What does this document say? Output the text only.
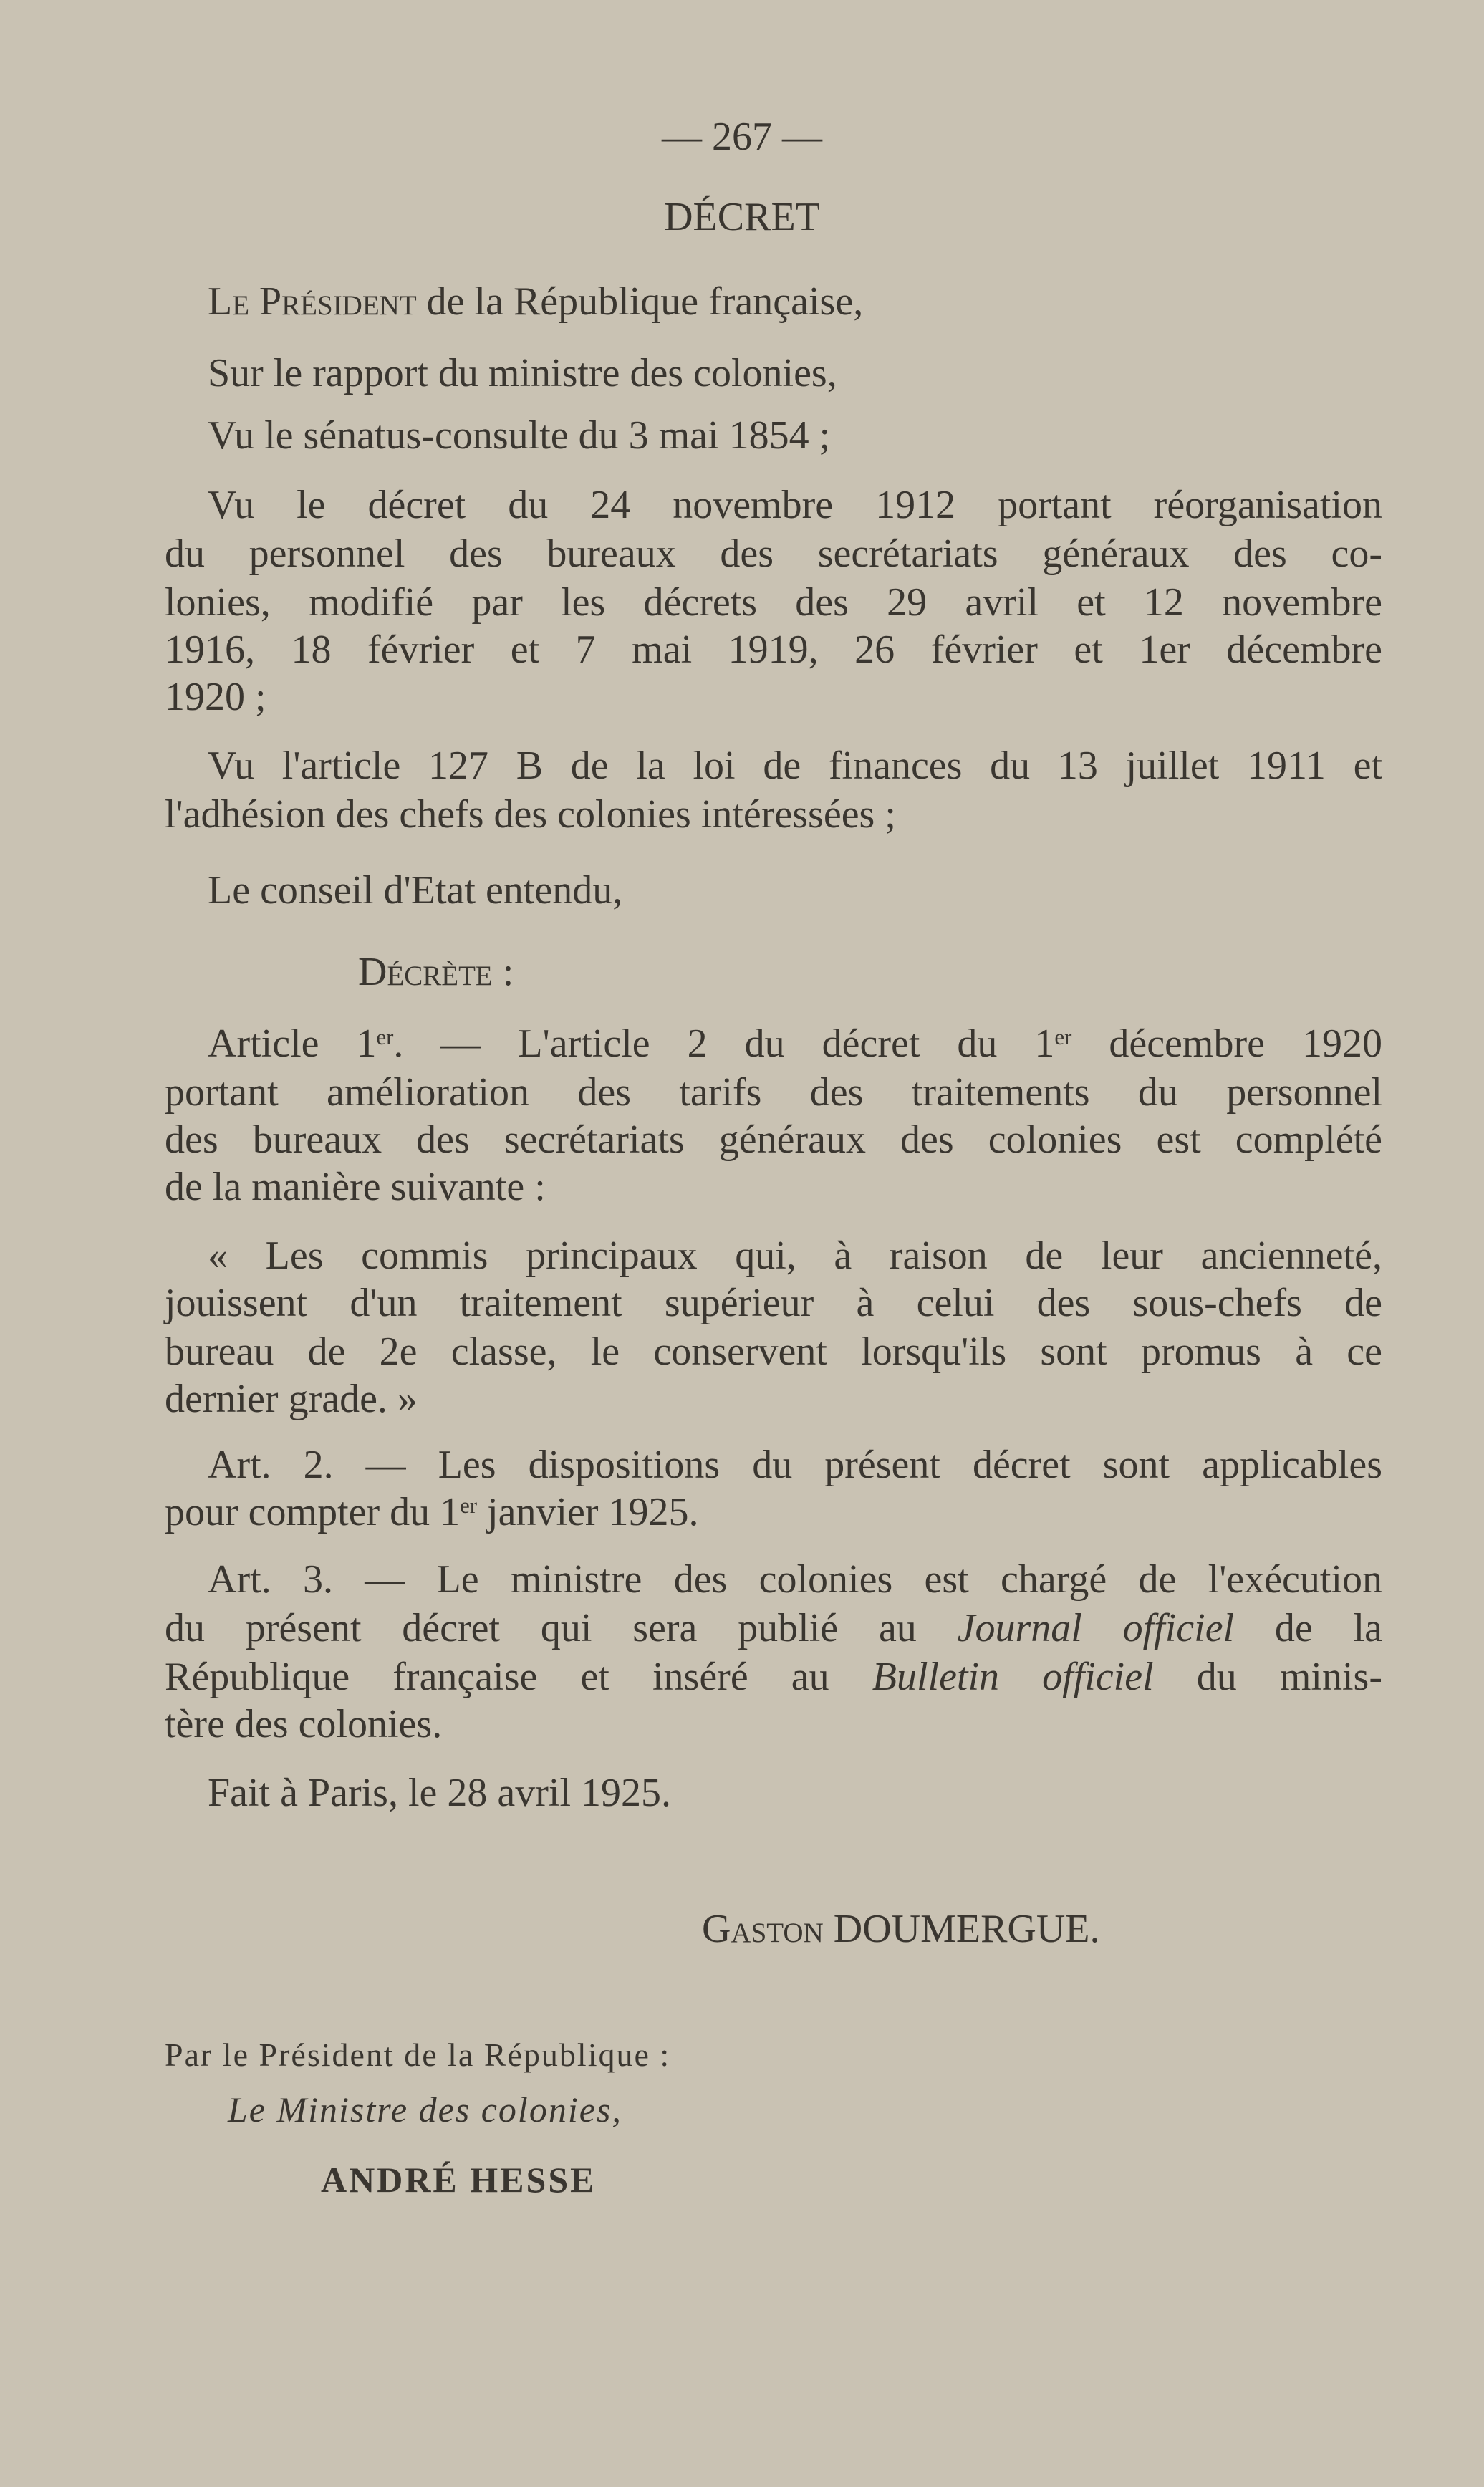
— 267 —
DÉCRET
Le Président de la République française,
Sur le rapport du ministre des colonies,
Vu le sénatus-consulte du 3 mai 1854 ;
Vu le décret du 24 novembre 1912 portant réorganisation
du personnel des bureaux des secrétariats généraux des co-
lonies, modifié par les décrets des 29 avril et 12 novembre
1916, 18 février et 7 mai 1919, 26 février et 1er décembre
1920 ;
Vu l'article 127 B de la loi de finances du 13 juillet 1911 et
l'adhésion des chefs des colonies intéressées ;
Le conseil d'Etat entendu,
Décrète :
Article 1er. — L'article 2 du décret du 1er décembre 1920
portant amélioration des tarifs des traitements du personnel
des bureaux des secrétariats généraux des colonies est complété
de la manière suivante :
« Les commis principaux qui, à raison de leur ancienneté,
jouissent d'un traitement supérieur à celui des sous-chefs de
bureau de 2e classe, le conservent lorsqu'ils sont promus à ce
dernier grade. »
Art. 2. — Les dispositions du présent décret sont applicables
pour compter du 1er janvier 1925.
Art. 3. — Le ministre des colonies est chargé de l'exécution
du présent décret qui sera publié au Journal officiel de la
République française et inséré au Bulletin officiel du minis-
tère des colonies.
Fait à Paris, le 28 avril 1925.
Gaston DOUMERGUE.
Par le Président de la République :
Le Ministre des colonies,
ANDRÉ HESSE
